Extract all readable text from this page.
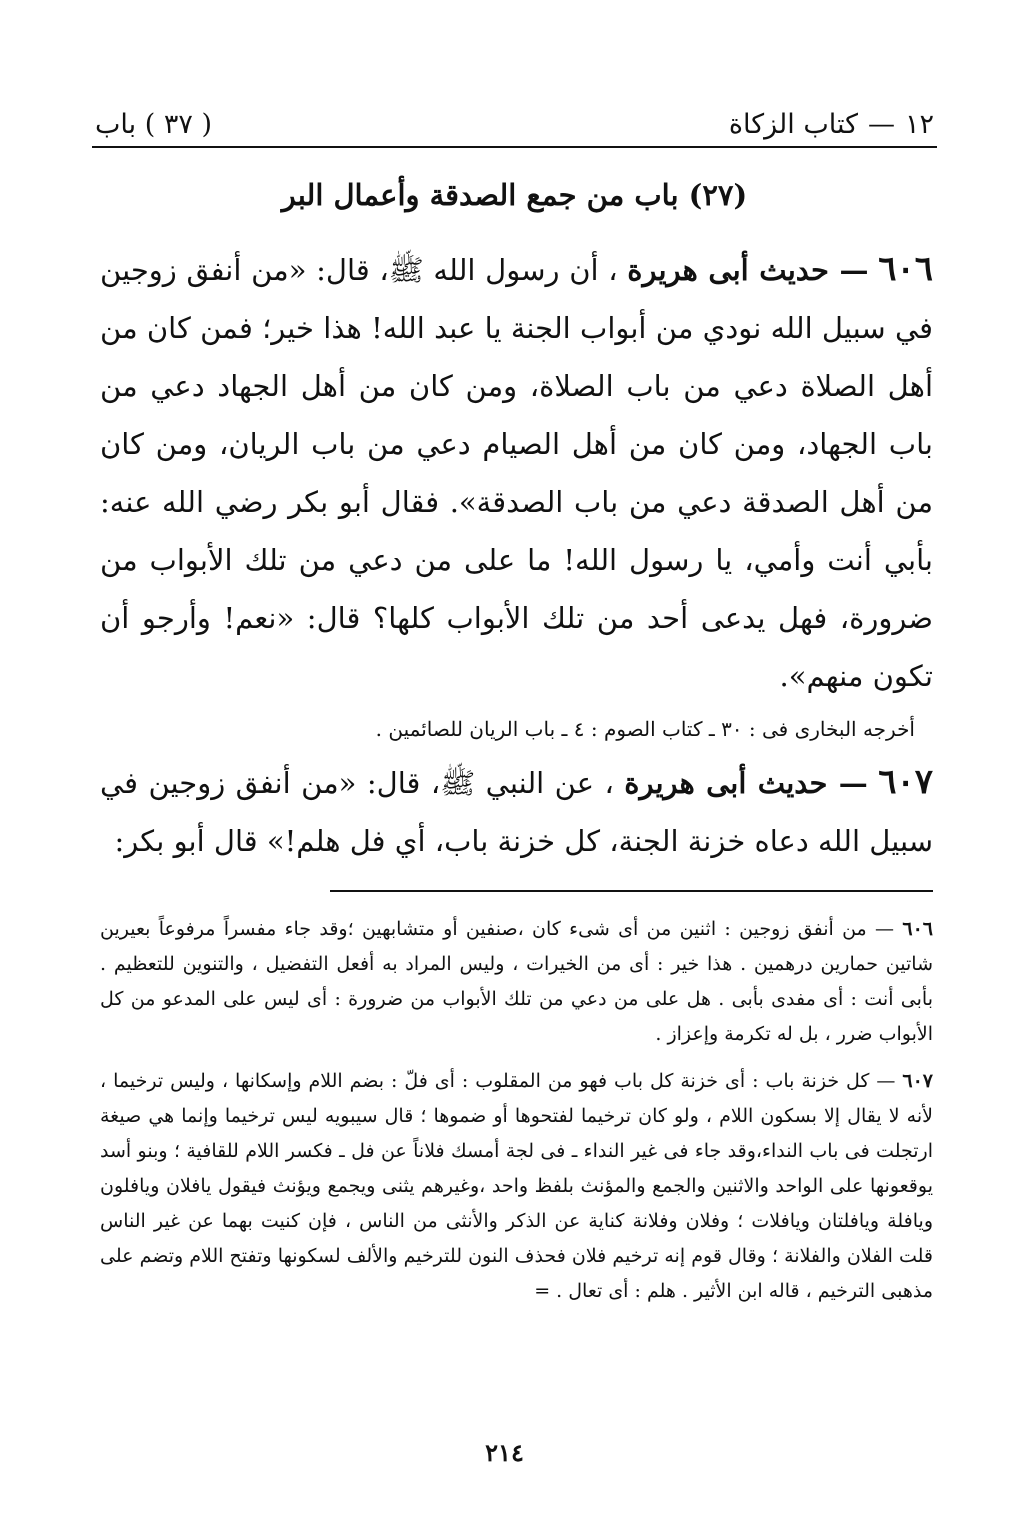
١٢
—
كتاب الزكاة
( ٣٧ ) باب
(٢٧) باب من جمع الصدقة وأعمال البر

٦٠٦ — حديث أبى هريرة ، أن رسول الله ﷺ، قال: «من أنفق زوجين في سبيل الله نودي من أبواب الجنة يا عبد الله! هذا خير؛ فمن كان من أهل الصلاة دعي من باب الصلاة، ومن كان من أهل الجهاد دعي من باب الجهاد، ومن كان من أهل الصيام دعي من باب الريان، ومن كان من أهل الصدقة دعي من باب الصدقة». فقال أبو بكر رضي الله عنه: بأبي أنت وأمي، يا رسول الله! ما على من دعي من تلك الأبواب من ضرورة، فهل يدعى أحد من تلك الأبواب كلها؟ قال: «نعم! وأرجو أن تكون منهم».

أخرجه البخارى فى : ٣٠ ـ كتاب الصوم : ٤ ـ باب الريان للصائمين .

٦٠٧ — حديث أبى هريرة ، عن النبي ﷺ، قال: «من أنفق زوجين في سبيل الله دعاه خزنة الجنة، كل خزنة باب، أي فل هلم!» قال أبو بكر:

٦٠٦ — من أنفق زوجين : اثنين من أى شىء كان ،صنفين أو متشابهين ؛وقد جاء مفسراً مرفوعاً بعيرين شاتين حمارين درهمين . هذا خير : أى من الخيرات ، وليس المراد به أفعل التفضيل ، والتنوين للتعظيم . بأبى أنت : أى مفدى بأبى . هل على من دعي من تلك الأبواب من ضرورة : أى ليس على المدعو من كل الأبواب ضرر ، بل له تكرمة وإعزاز .

٦٠٧ — كل خزنة باب : أى خزنة كل باب فهو من المقلوب : أى فلّ : بضم اللام وإسكانها ، وليس ترخيما ، لأنه لا يقال إلا بسكون اللام ، ولو كان ترخيما لفتحوها أو ضموها ؛ قال سيبويه ليس ترخيما وإنما هي صيغة ارتجلت فى باب النداء،وقد جاء فى غير النداء ـ فى لجة أمسك فلاناً عن فل ـ فكسر اللام للقافية ؛ وبنو أسد يوقعونها على الواحد والاثنين والجمع والمؤنث بلفظ واحد ،وغيرهم يثنى ويجمع ويؤنث فيقول يافلان ويافلون ويافلة ويافلتان ويافلات ؛ وفلان وفلانة كناية عن الذكر والأنثى من الناس ، فإن كنيت بهما عن غير الناس قلت الفلان والفلانة ؛ وقال قوم إنه ترخيم فلان فحذف النون للترخيم والألف لسكونها وتفتح اللام وتضم على مذهبى الترخيم ، قاله ابن الأثير . هلم : أى تعال . =

٢١٤
